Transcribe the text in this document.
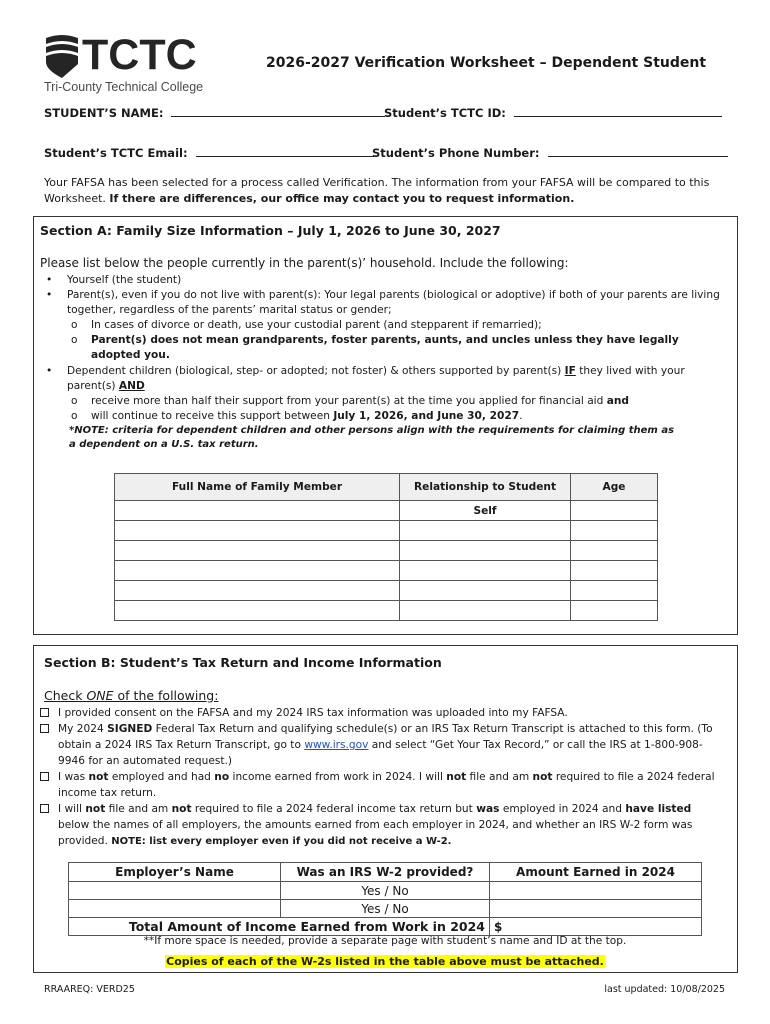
TCTC
Tri-County Technical College
2026-2027 Verification Worksheet – Dependent Student
STUDENT’S NAME:	Student’s TCTC ID:
Student’s TCTC Email:	Student’s Phone Number:
Your FAFSA has been selected for a process called Verification. The information from your FAFSA will be compared to this Worksheet. If there are differences, our office may contact you to request information.
Section A: Family Size Information – July 1, 2026 to June 30, 2027
Please list below the people currently in the parent(s)’ household. Include the following:
• Yourself (the student)
• Parent(s), even if you do not live with parent(s): Your legal parents (biological or adoptive) if both of your parents are living together, regardless of the parents’ marital status or gender;
o In cases of divorce or death, use your custodial parent (and stepparent if remarried);
o Parent(s) does not mean grandparents, foster parents, aunts, and uncles unless they have legally adopted you.
• Dependent children (biological, step- or adopted; not foster) & others supported by parent(s) IF they lived with your parent(s) AND
o receive more than half their support from your parent(s) at the time you applied for financial aid and
o will continue to receive this support between July 1, 2026, and June 30, 2027.
*NOTE: criteria for dependent children and other persons align with the requirements for claiming them as a dependent on a U.S. tax return.
Full Name of Family Member	Relationship to Student	Age
	Self	

Section B: Student’s Tax Return and Income Information
Check ONE of the following:
I provided consent on the FAFSA and my 2024 IRS tax information was uploaded into my FAFSA.
My 2024 SIGNED Federal Tax Return and qualifying schedule(s) or an IRS Tax Return Transcript is attached to this form. (To obtain a 2024 IRS Tax Return Transcript, go to www.irs.gov and select “Get Your Tax Record,” or call the IRS at 1-800-908-9946 for an automated request.)
I was not employed and had no income earned from work in 2024. I will not file and am not required to file a 2024 federal income tax return.
I will not file and am not required to file a 2024 federal income tax return but was employed in 2024 and have listed below the names of all employers, the amounts earned from each employer in 2024, and whether an IRS W-2 form was provided. NOTE: list every employer even if you did not receive a W-2.
Employer’s Name	Was an IRS W-2 provided?	Amount Earned in 2024
	Yes / No	
	Yes / No	
Total Amount of Income Earned from Work in 2024		$
**If more space is needed, provide a separate page with student’s name and ID at the top.
Copies of each of the W-2s listed in the table above must be attached.
RRAAREQ: VERD25	last updated: 10/08/2025
